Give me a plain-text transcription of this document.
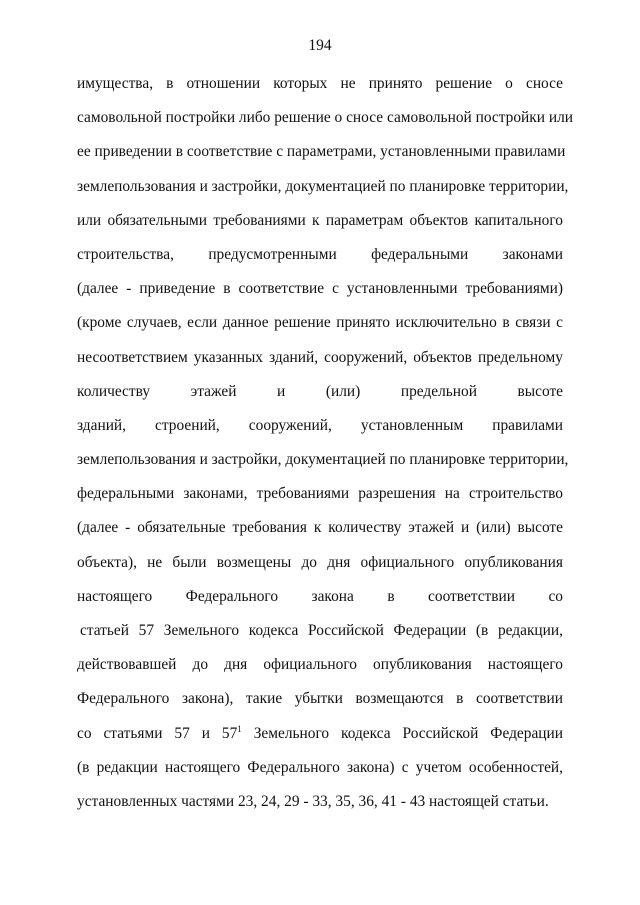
194
имущества, в отношении которых не принято решение о сносе
самовольной постройки либо решение о сносе самовольной постройки или
ее приведении в соответствие с параметрами, установленными правилами
землепользования и застройки, документацией по планировке территории,
или обязательными требованиями к параметрам объектов капитального
строительства, предусмотренными федеральными законами
(далее - приведение в соответствие с установленными требованиями)
(кроме случаев, если данное решение принято исключительно в связи с
несоответствием указанных зданий, сооружений, объектов предельному
количеству этажей и (или) предельной высоте
зданий, строений, сооружений, установленным правилами
землепользования и застройки, документацией по планировке территории,
федеральными законами, требованиями разрешения на строительство
(далее - обязательные требования к количеству этажей и (или) высоте
объекта), не были возмещены до дня официального опубликования
настоящего Федерального закона в соответствии со
статьей 57 Земельного кодекса Российской Федерации (в редакции,
действовавшей до дня официального опубликования настоящего
Федерального закона), такие убытки возмещаются в соответствии
со статьями 57 и $57^1$ Земельного кодекса Российской Федерации
(в редакции настоящего Федерального закона) с учетом особенностей,
установленных частями 23, 24, 29 - 33, 35, 36, 41 - 43 настоящей статьи.
